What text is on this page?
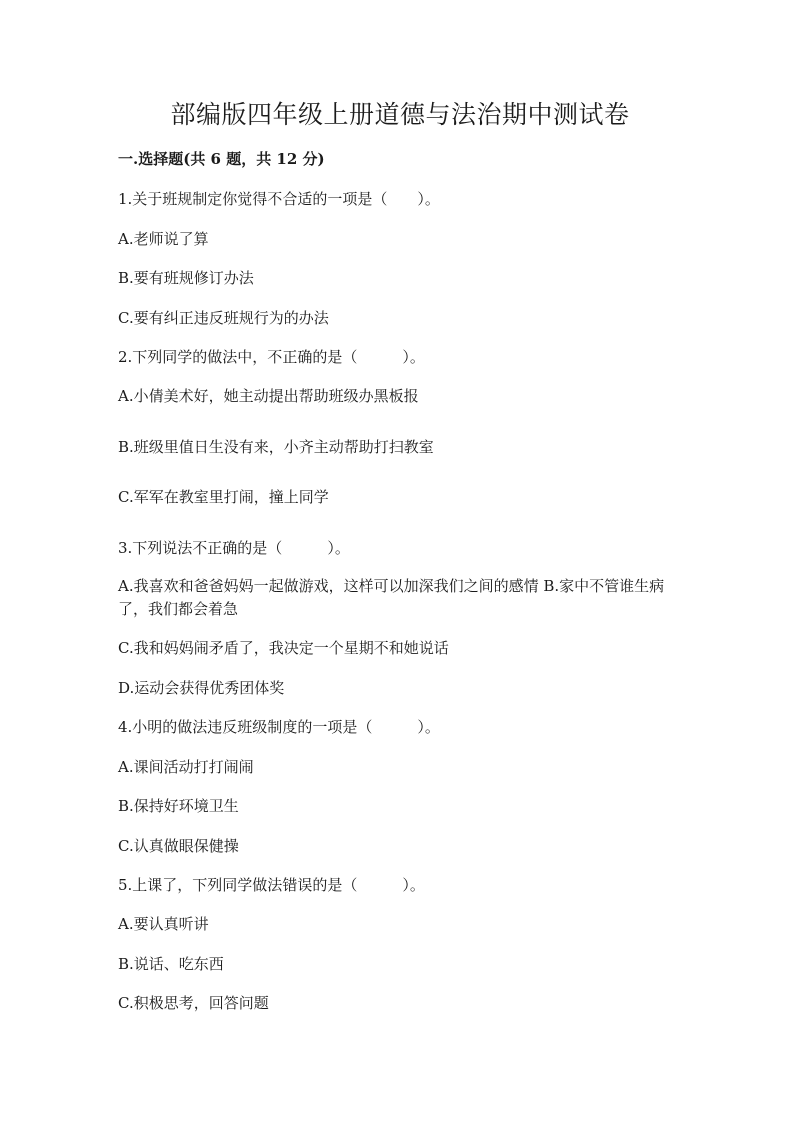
部编版四年级上册道德与法治期中测试卷

一.选择题(共 6 题，共 12 分)

1.关于班规制定你觉得不合适的一项是（　　）。

A.老师说了算

B.要有班规修订办法

C.要有纠正违反班规行为的办法

2.下列同学的做法中，不正确的是（　　　）。

A.小倩美术好，她主动提出帮助班级办黑板报

B.班级里值日生没有来，小齐主动帮助打扫教室

C.军军在教室里打闹，撞上同学

3.下列说法不正确的是（　　　）。

A.我喜欢和爸爸妈妈一起做游戏，这样可以加深我们之间的感情 B.家中不管谁生病了，我们都会着急

C.我和妈妈闹矛盾了，我决定一个星期不和她说话

D.运动会获得优秀团体奖

4.小明的做法违反班级制度的一项是（　　　）。

A.课间活动打打闹闹

B.保持好环境卫生

C.认真做眼保健操

5.上课了，下列同学做法错误的是（　　　）。

A.要认真听讲

B.说话、吃东西

C.积极思考，回答问题
